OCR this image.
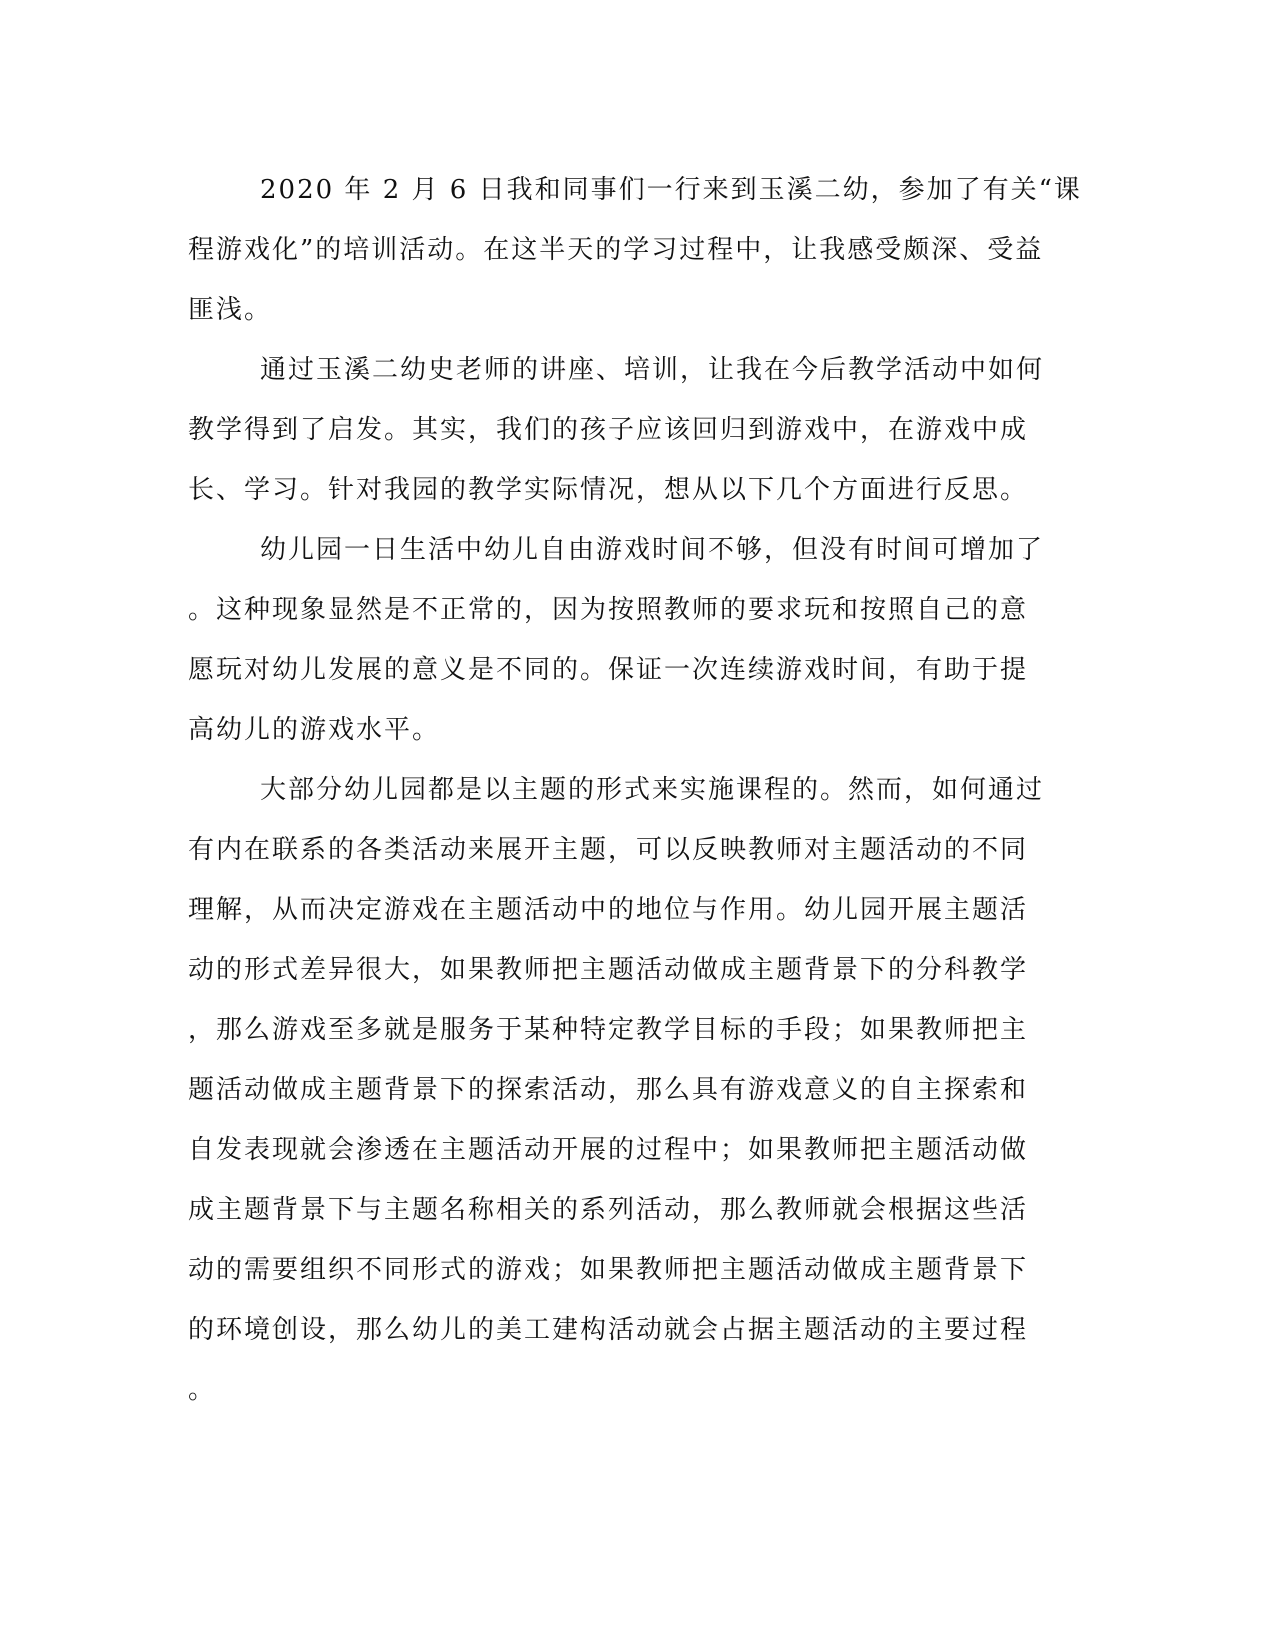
2020 年 2 月 6 日我和同事们一行来到玉溪二幼，参加了有关“课
程游戏化”的培训活动。在这半天的学习过程中，让我感受颇深、受益
匪浅。
通过玉溪二幼史老师的讲座、培训，让我在今后教学活动中如何
教学得到了启发。其实，我们的孩子应该回归到游戏中，在游戏中成
长、学习。针对我园的教学实际情况，想从以下几个方面进行反思。
幼儿园一日生活中幼儿自由游戏时间不够，但没有时间可增加了
。这种现象显然是不正常的，因为按照教师的要求玩和按照自己的意
愿玩对幼儿发展的意义是不同的。保证一次连续游戏时间，有助于提
高幼儿的游戏水平。
大部分幼儿园都是以主题的形式来实施课程的。然而，如何通过
有内在联系的各类活动来展开主题，可以反映教师对主题活动的不同
理解，从而决定游戏在主题活动中的地位与作用。幼儿园开展主题活
动的形式差异很大，如果教师把主题活动做成主题背景下的分科教学
，那么游戏至多就是服务于某种特定教学目标的手段；如果教师把主
题活动做成主题背景下的探索活动，那么具有游戏意义的自主探索和
自发表现就会渗透在主题活动开展的过程中；如果教师把主题活动做
成主题背景下与主题名称相关的系列活动，那么教师就会根据这些活
动的需要组织不同形式的游戏；如果教师把主题活动做成主题背景下
的环境创设，那么幼儿的美工建构活动就会占据主题活动的主要过程
。
